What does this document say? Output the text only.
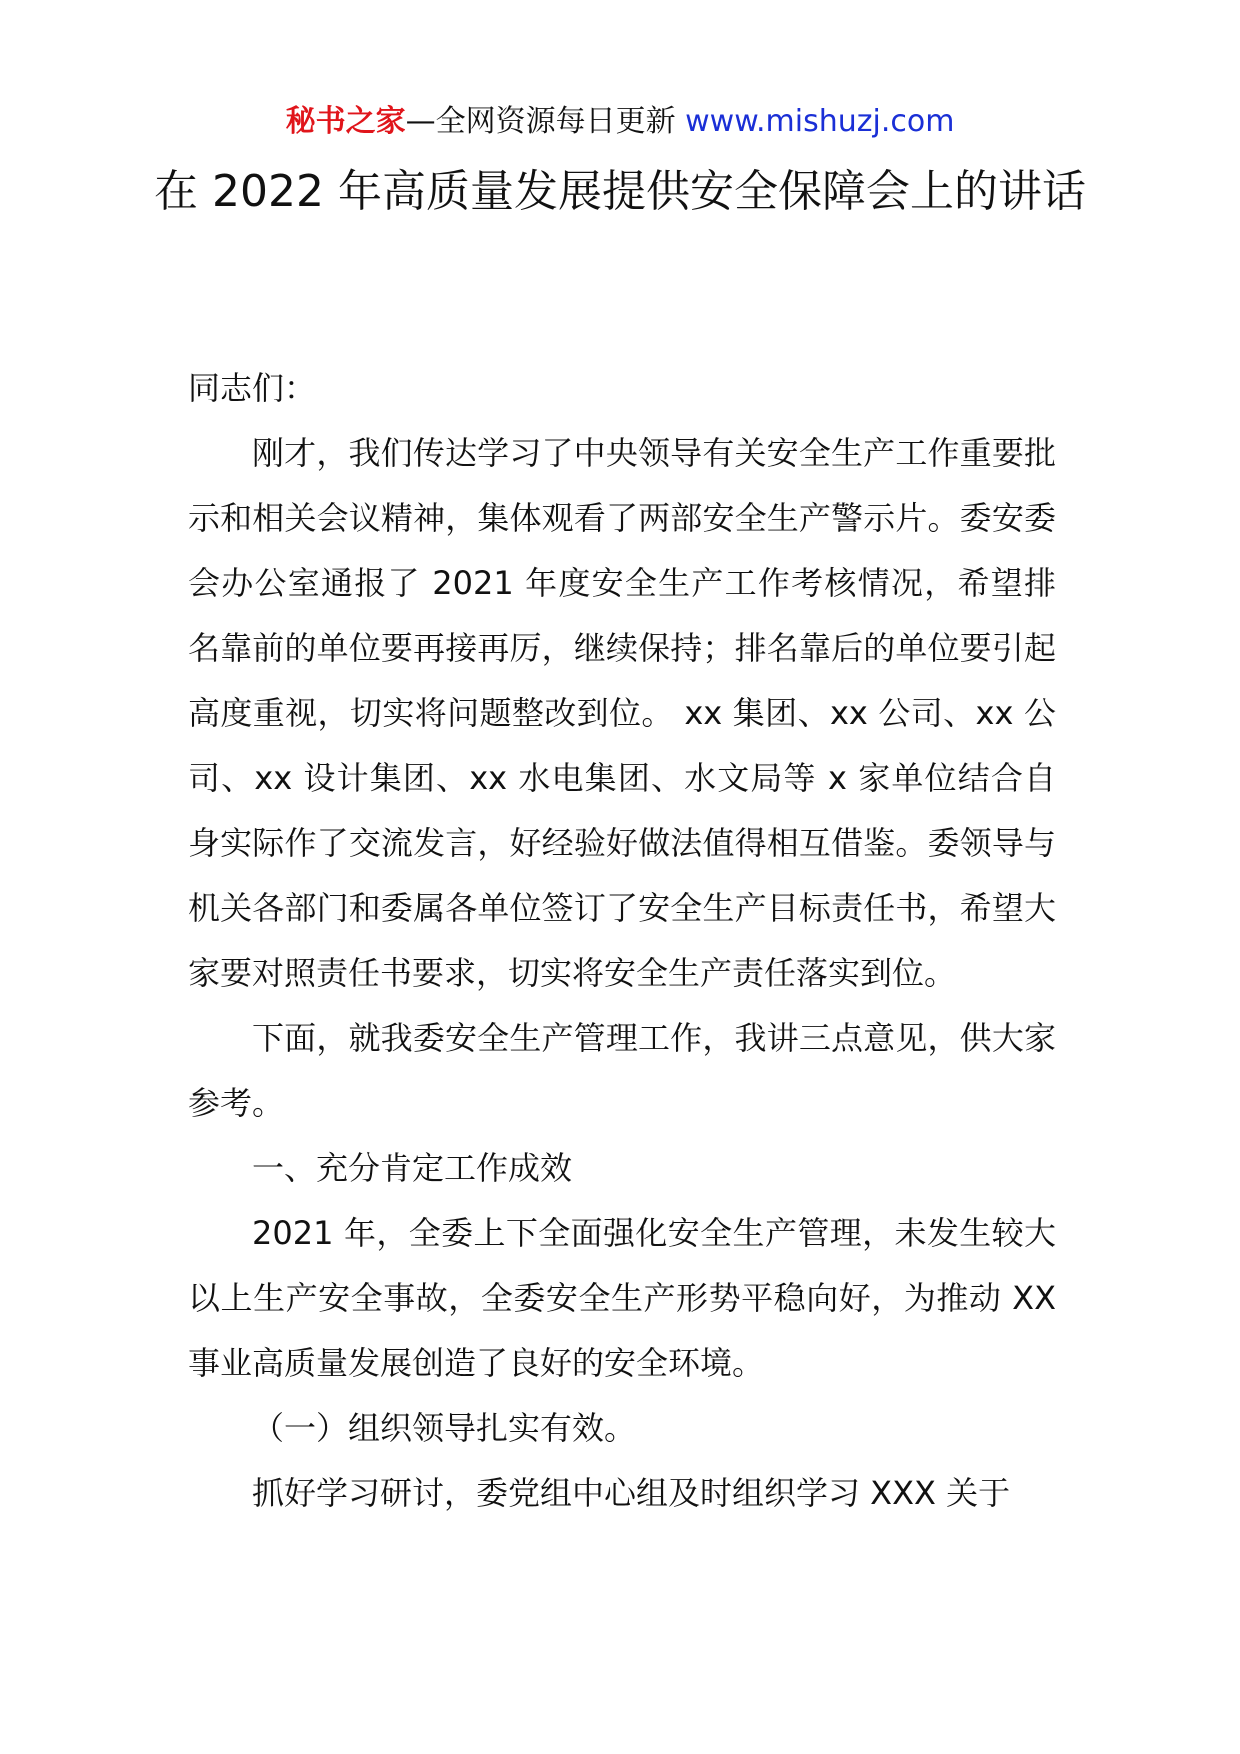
秘书之家—全网资源每日更新 www.mishuzj.com
在 2022 年高质量发展提供安全保障会上的讲话

同志们：

刚才，我们传达学习了中央领导有关安全生产工作重要批示和相关会议精神，集体观看了两部安全生产警示片。委安委会办公室通报了 2021 年度安全生产工作考核情况，希望排名靠前的单位要再接再厉，继续保持；排名靠后的单位要引起高度重视，切实将问题整改到位。 xx 集团、xx 公司、xx 公司、xx 设计集团、xx 水电集团、水文局等 x 家单位结合自身实际作了交流发言，好经验好做法值得相互借鉴。委领导与机关各部门和委属各单位签订了安全生产目标责任书，希望大家要对照责任书要求，切实将安全生产责任落实到位。

下面，就我委安全生产管理工作，我讲三点意见，供大家参考。

一、充分肯定工作成效

2021 年，全委上下全面强化安全生产管理，未发生较大以上生产安全事故，全委安全生产形势平稳向好，为推动 XX 事业高质量发展创造了良好的安全环境。

（一）组织领导扎实有效。

抓好学习研讨，委党组中心组及时组织学习 XXX 关于
